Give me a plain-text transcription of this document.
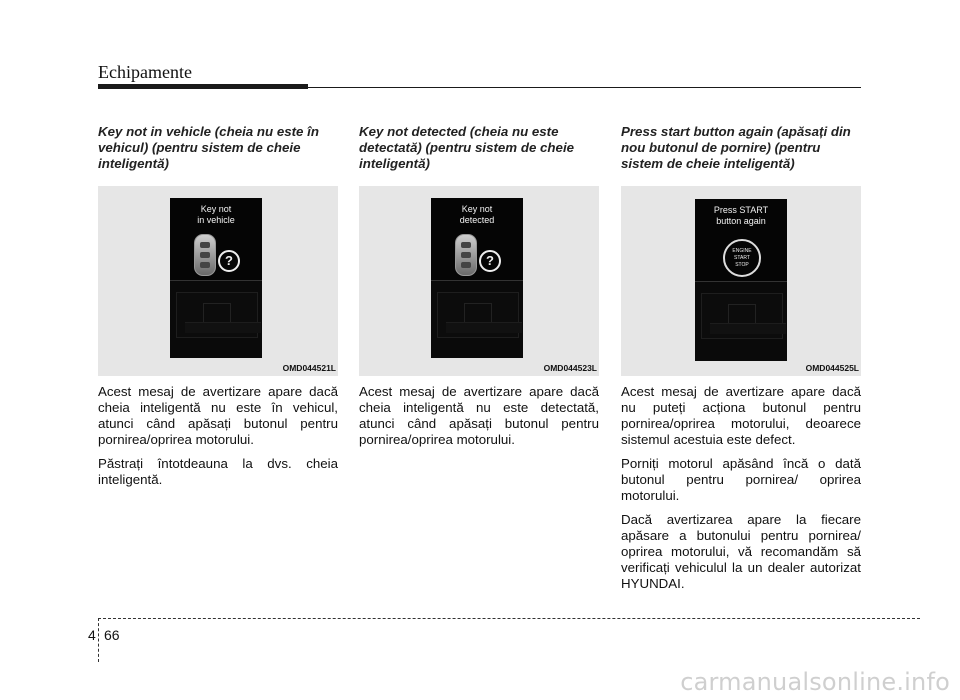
Echipamente
Key not in vehicle (cheia nu este în vehicul) (pentru sistem de cheie inteligentă)
Key not
in vehicle
?
OMD044521L

Acest mesaj de avertizare apare dacă cheia inteligentă nu este în vehicul, atunci când apăsați butonul pentru pornirea/oprirea motorului.

Păstrați întotdeauna la dvs. cheia inteligentă.

Key not detected (cheia nu este detectată) (pentru sistem de cheie inteligentă)
Key not
detected
?
OMD044523L

Acest mesaj de avertizare apare dacă cheia inteligentă nu este detectată, atunci când apăsați butonul pentru pornirea/oprirea motorului.

Press start button again (apăsați din nou butonul de pornire) (pentru sistem de cheie inteligentă)
Press START
button again
ENGINE
START
STOP
OMD044525L

Acest mesaj de avertizare apare dacă nu puteți acționa butonul pentru pornirea/oprirea motorului, deoarece sistemul acestuia este defect.

Porniți motorul apăsând încă o dată butonul pentru pornirea/ oprirea motorului.

Dacă avertizarea apare la fiecare apăsare a butonului pentru pornirea/ oprirea motorului, vă recomandăm să verificați vehiculul la un dealer autorizat HYUNDAI.

4 66
carmanualsonline.info
